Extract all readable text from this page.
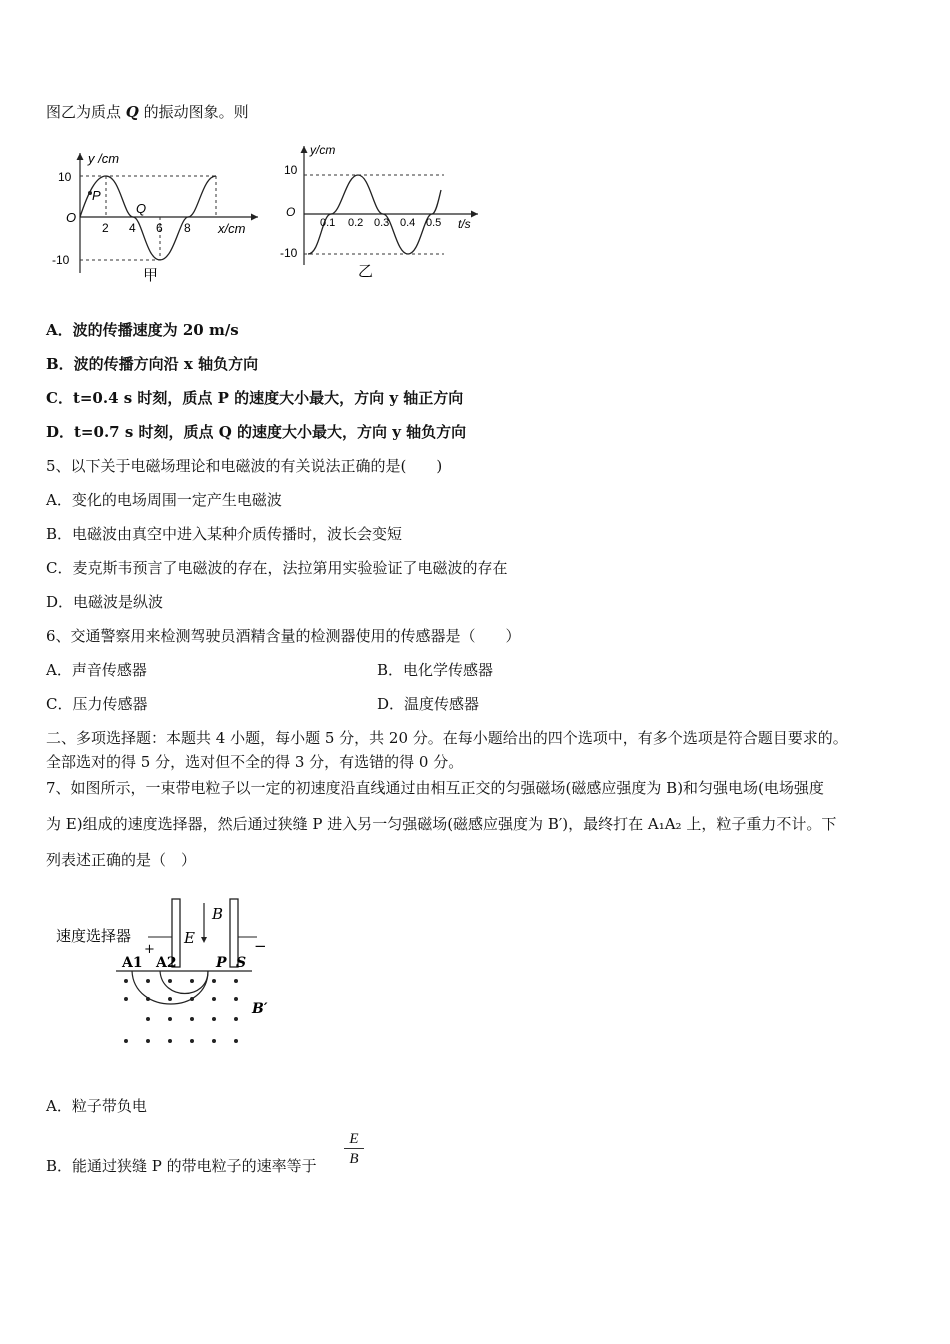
图乙为质点 Q 的振动图象。则
P
Q
y /cm
x/cm
O
10
-10
2 4 6 8
甲
y/cm
t/s
O
10
-10
0.1 0.2 0.3 0.4 0.5
乙
A．波的传播速度为 20 m/s
B．波的传播方向沿 x 轴负方向
C．t=0.4 s 时刻，质点 P 的速度大小最大，方向 y 轴正方向
D．t=0.7 s 时刻，质点 Q 的速度大小最大，方向 y 轴负方向
5、以下关于电磁场理论和电磁波的有关说法正确的是(　　)
A．变化的电场周围一定产生电磁波
B．电磁波由真空中进入某种介质传播时，波长会变短
C．麦克斯韦预言了电磁波的存在，法拉第用实验验证了电磁波的存在
D．电磁波是纵波
6、交通警察用来检测驾驶员酒精含量的检测器使用的传感器是（　　）
A．声音传感器	B．电化学传感器
C．压力传感器	D．温度传感器
二、多项选择题：本题共 4 小题，每小题 5 分，共 20 分。在每小题给出的四个选项中，有多个选项是符合题目要求的。
全部选对的得 5 分，选对但不全的得 3 分，有选错的得 0 分。
7、如图所示，一束带电粒子以一定的初速度沿直线通过由相互正交的匀强磁场(磁感应强度为 B)和匀强电场(电场强度
为 E)组成的速度选择器，然后通过狭缝 P 进入另一匀强磁场(磁感应强度为 B′)，最终打在 A₁A₂ 上，粒子重力不计。下
列表述正确的是（　）
速度选择器
+	−
E
B
A1 A2	P S
B′
A．粒子带负电
B．能通过狭缝 P 的带电粒子的速率等于
E
B
